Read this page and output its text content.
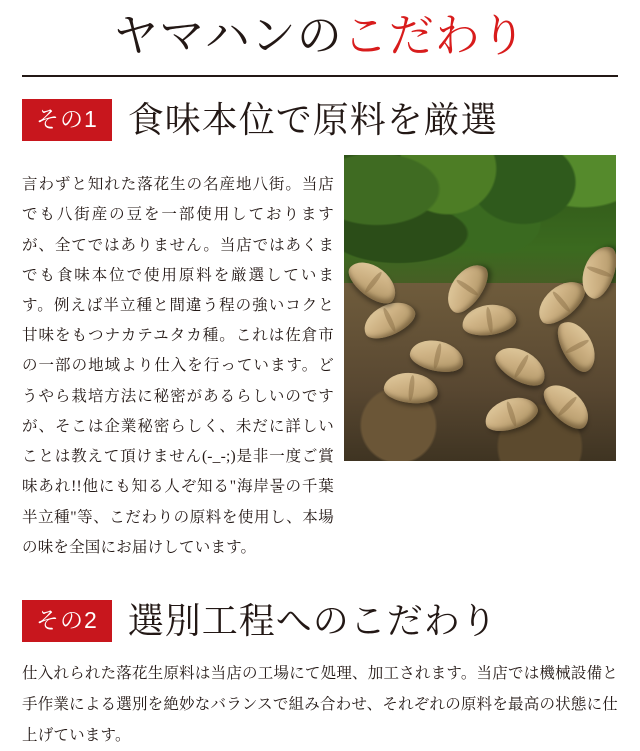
ヤマハンのこだわり
その1 食味本位で原料を厳選

言わずと知れた落花生の名産地八街。当店でも八街産の豆を一部使用しておりますが、全てではありません。当店ではあくまでも食味本位で使用原料を厳選しています。例えば半立種と間違う程の強いコクと甘味をもつナカテユタカ種。これは佐倉市の一部の地域より仕入を行っています。どうやら栽培方法に秘密があるらしいのですが、そこは企業秘密らしく、未だに詳しいことは教えて頂けません(-_-;)是非一度ご賞味あれ!!他にも知る人ぞ知る"海岸물の千葉半立種"等、こだわりの原料を使用し、本場の味を全国にお届けしています。

その2 選別工程へのこだわり

仕入れられた落花生原料は当店の工場にて処理、加工されます。当店では機械設備と手作業による選別を絶妙なバランスで組み合わせ、それぞれの原料を最高の状態に仕上げています。
